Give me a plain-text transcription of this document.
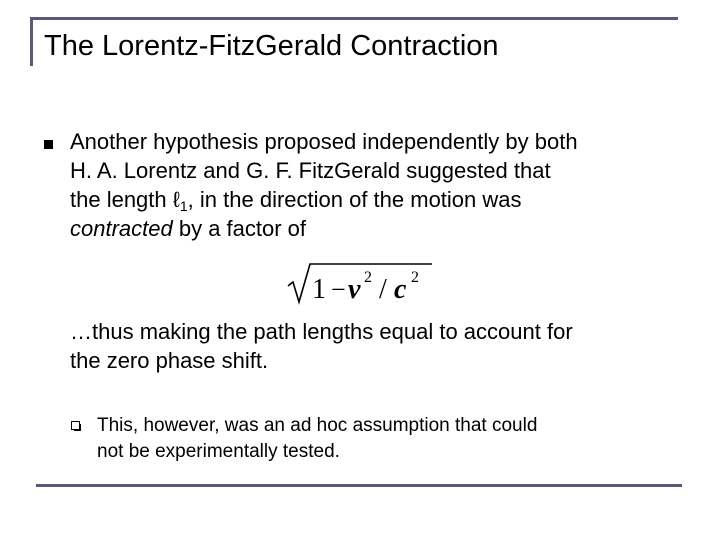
The Lorentz-FitzGerald Contraction
Another hypothesis proposed independently by both
H. A. Lorentz and G. F. FitzGerald suggested that
the length ℓ$_1$, in the direction of the motion was
contracted by a factor of
1 − v 2 / c 2
…thus making the path lengths equal to account for
the zero phase shift.
This, however, was an ad hoc assumption that could
not be experimentally tested.
